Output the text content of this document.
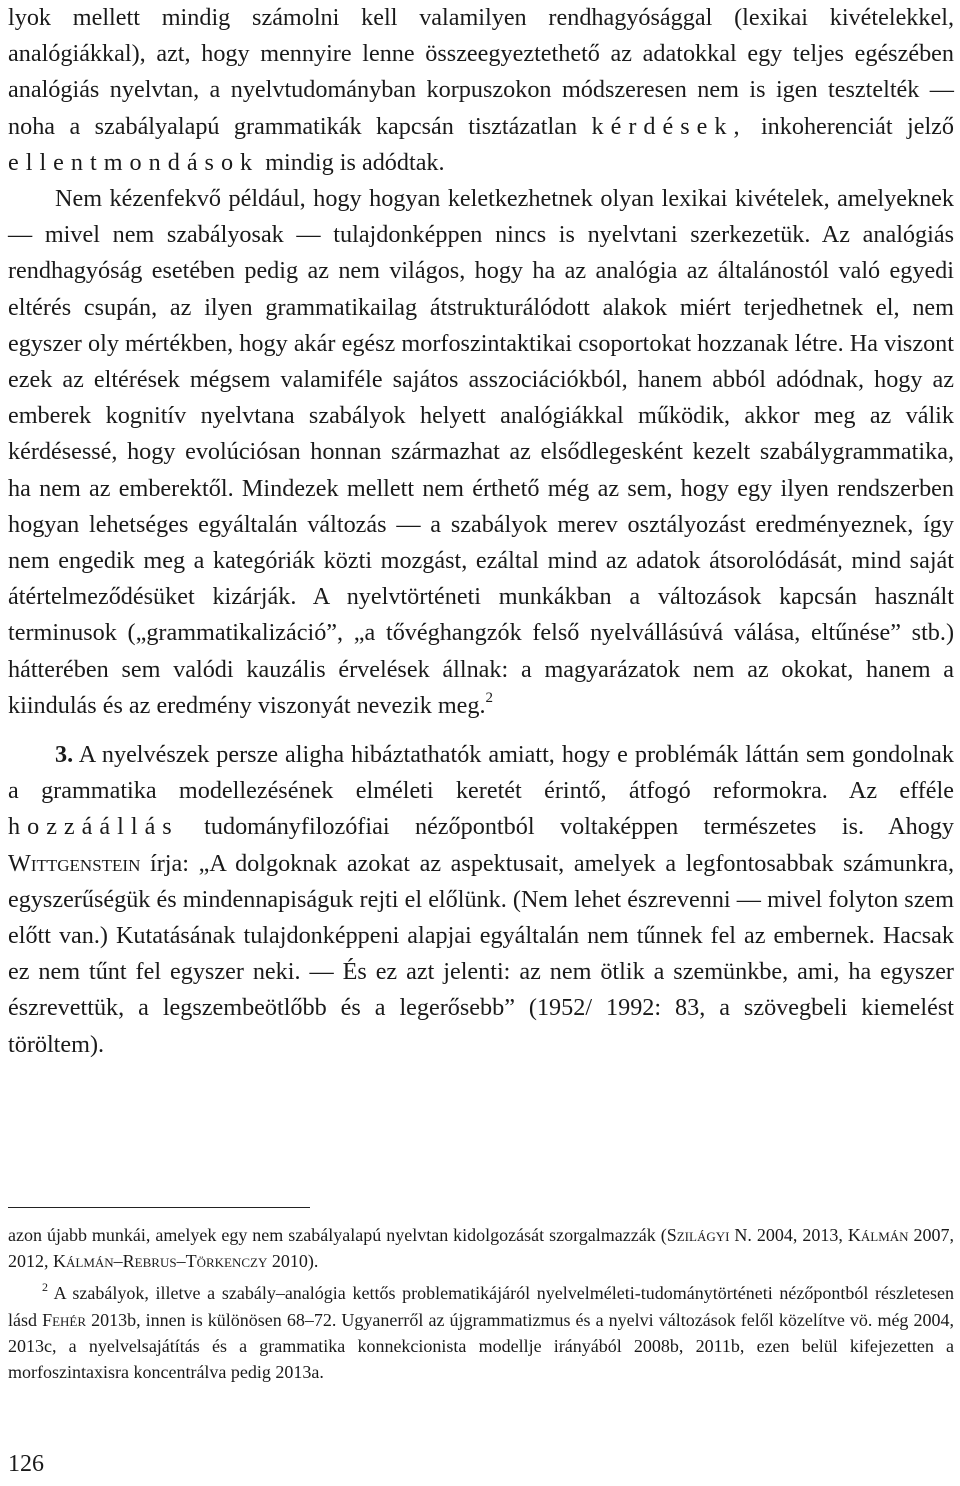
lyok mellett mindig számolni kell valamilyen rendhagyósággal (lexikai kivételekkel, analógiákkal), azt, hogy mennyire lenne összeegyeztethető az adatokkal egy teljes egészében analógiás nyelvtan, a nyelvtudományban korpuszokon módszeresen nem is igen tesztelték — noha a szabályalapú grammatikák kapcsán tisztázatlan kérdések, inkoherenciát jelző ellentmondások mindig is adódtak.

Nem kézenfekvő például, hogy hogyan keletkezhetnek olyan lexikai kivételek, amelyeknek — mivel nem szabályosak — tulajdonképpen nincs is nyelvtani szerkezetük. Az analógiás rendhagyóság esetében pedig az nem világos, hogy ha az analógia az általánostól való egyedi eltérés csupán, az ilyen grammatikailag átstrukturálódott alakok miért terjedhetnek el, nem egyszer oly mértékben, hogy akár egész morfoszintaktikai csoportokat hozzanak létre. Ha viszont ezek az eltérések mégsem valamiféle sajátos asszociációkból, hanem abból adódnak, hogy az emberek kognitív nyelvtana szabályok helyett analógiákkal működik, akkor meg az válik kérdésessé, hogy evolúciósan honnan származhat az elsődlegesként kezelt szabálygrammatika, ha nem az emberektől. Mindezek mellett nem érthető még az sem, hogy egy ilyen rendszerben hogyan lehetséges egyáltalán változás — a szabályok merev osztályozást eredményeznek, így nem engedik meg a kategóriák közti mozgást, ezáltal mind az adatok átsorolódását, mind saját átértelmeződésüket kizárják. A nyelvtörténeti munkákban a változások kapcsán használt terminusok („grammatikalizáció”, „a tővéghangzók felső nyelvállásúvá válása, eltűnése” stb.) hátterében sem valódi kauzális érvelések állnak: a magyarázatok nem az okokat, hanem a kiindulás és az eredmény viszonyát nevezik meg.$^2$

3. A nyelvészek persze aligha hibáztathatók amiatt, hogy e problémák láttán sem gondolnak a grammatika modellezésének elméleti keretét érintő, átfogó reformokra. Az efféle hozzáállás tudományfilozófiai nézőpontból voltaképpen természetes is. Ahogy Wittgenstein írja: „A dolgoknak azokat az aspektusait, amelyek a legfontosabbak számunkra, egyszerűségük és mindennapiságuk rejti el előlünk. (Nem lehet észrevenni — mivel folyton szem előtt van.) Kutatásának tulajdonképpeni alapjai egyáltalán nem tűnnek fel az embernek. Hacsak ez nem tűnt fel egyszer neki. — És ez azt jelenti: az nem ötlik a szemünkbe, ami, ha egyszer észrevettük, a legszembeötlőbb és a legerősebb” (1952/ 1992: 83, a szövegbeli kiemelést töröltem).

azon újabb munkái, amelyek egy nem szabályalapú nyelvtan kidolgozását szorgalmazzák (Szilágyi N. 2004, 2013, Kálmán 2007, 2012, Kálmán–Rebrus–Törkenczy 2010).

$^2$ A szabályok, illetve a szabály–analógia kettős problematikájáról nyelvelméleti-tudománytörténeti nézőpontból részletesen lásd Fehér 2013b, innen is különösen 68–72. Ugyanerről az újgrammatizmus és a nyelvi változások felől közelítve vö. még 2004, 2013c, a nyelvelsajátítás és a grammatika konnekcionista modellje irányából 2008b, 2011b, ezen belül kifejezetten a morfoszintaxisra koncentrálva pedig 2013a.

126
